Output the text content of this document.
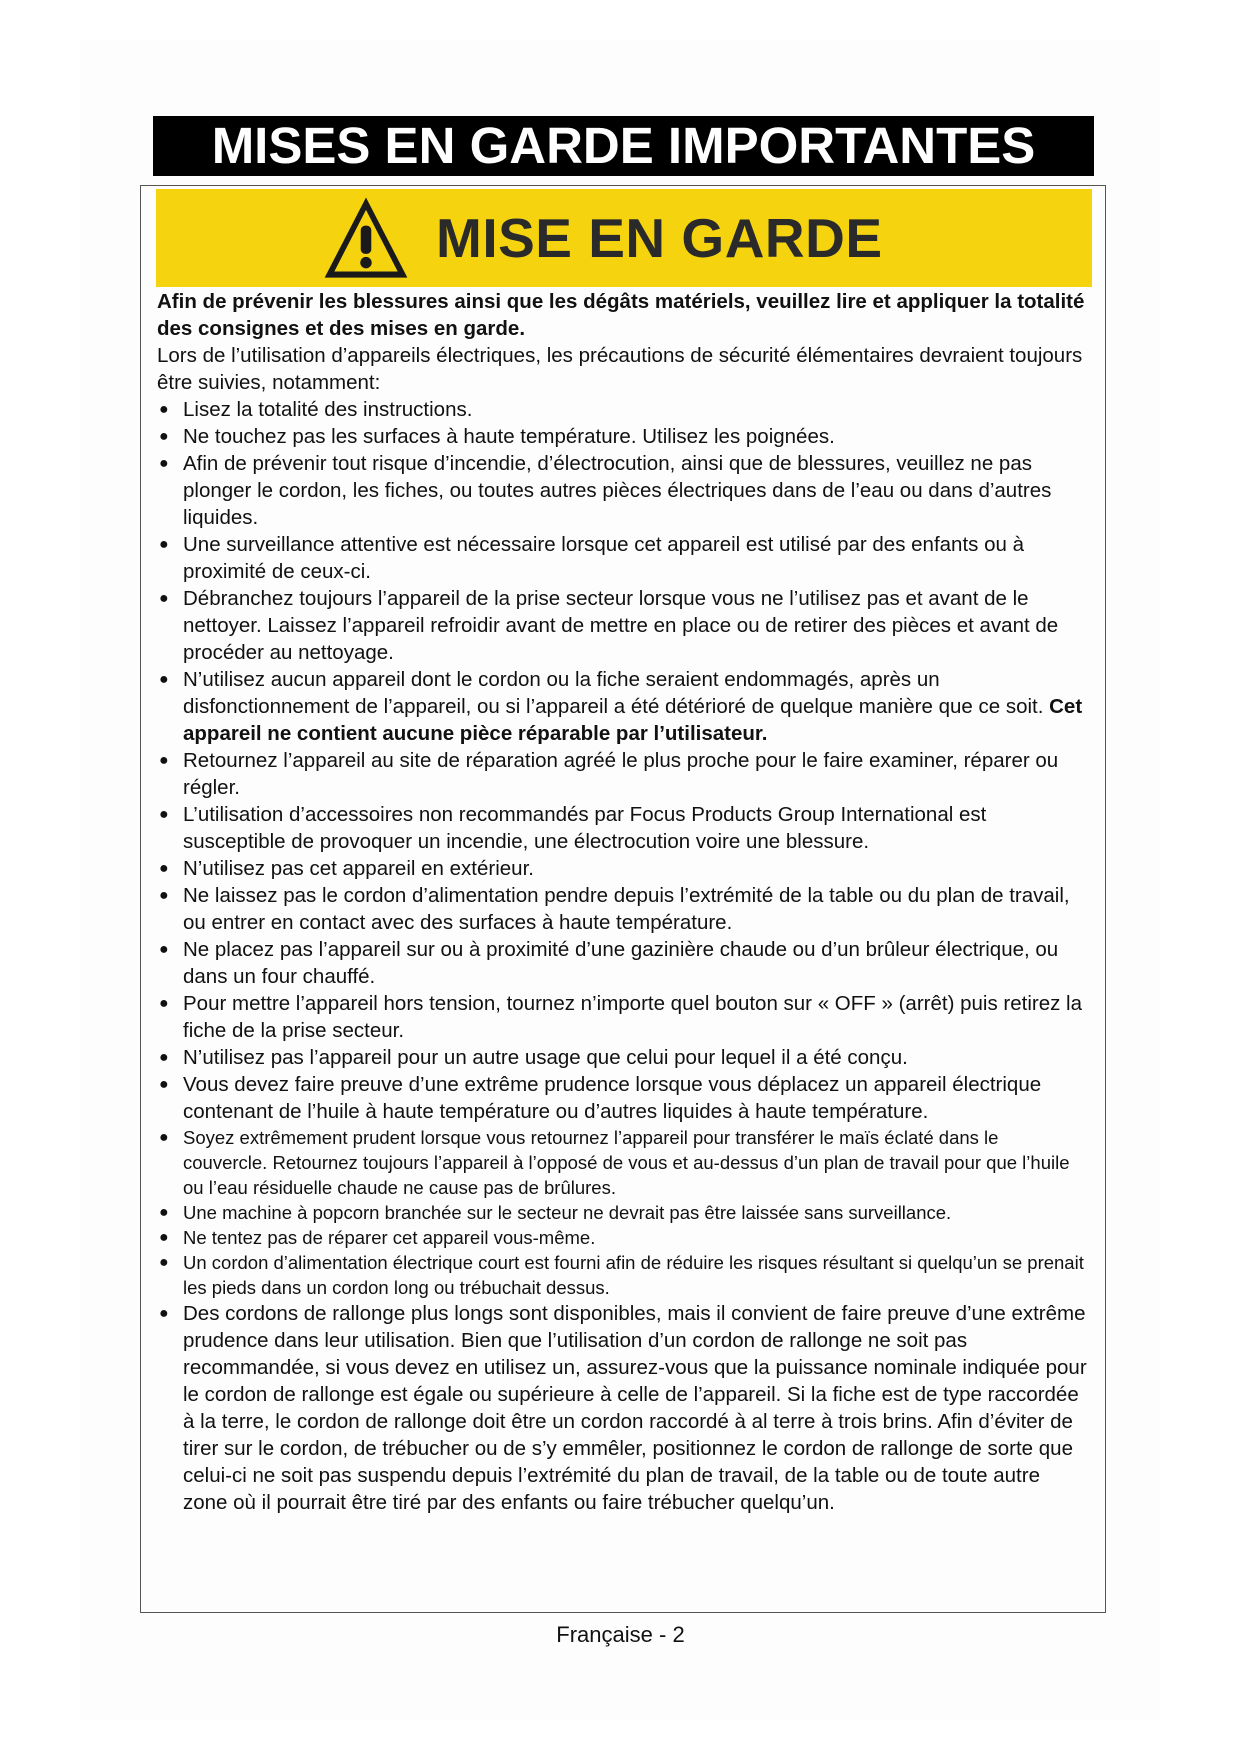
MISES EN GARDE IMPORTANTES
MISE EN GARDE

Afin de prévenir les blessures ainsi que les dégâts matériels, veuillez lire et appliquer la totalité des consignes et des mises en garde.

Lors de l’utilisation d’appareils électriques, les précautions de sécurité élémentaires devraient toujours être suivies, notamment:

● Lisez la totalité des instructions.
● Ne touchez pas les surfaces à haute température. Utilisez les poignées.
● Afin de prévenir tout risque d’incendie, d’électrocution, ainsi que de blessures, veuillez ne pas plonger le cordon, les fiches, ou toutes autres pièces électriques dans de l’eau ou dans d’autres liquides.
● Une surveillance attentive est nécessaire lorsque cet appareil est utilisé par des enfants ou à proximité de ceux-ci.
● Débranchez toujours l’appareil de la prise secteur lorsque vous ne l’utilisez pas et avant de le nettoyer. Laissez l’appareil refroidir avant de mettre en place ou de retirer des pièces et avant de procéder au nettoyage.
● N’utilisez aucun appareil dont le cordon ou la fiche seraient endommagés, après un disfonctionnement de l’appareil, ou si l’appareil a été détérioré de quelque manière que ce soit. Cet appareil ne contient aucune pièce réparable par l’utilisateur.
● Retournez l’appareil au site de réparation agréé le plus proche pour le faire examiner, réparer ou régler.
● L’utilisation d’accessoires non recommandés par Focus Products Group International est susceptible de provoquer un incendie, une électrocution voire une blessure.
● N’utilisez pas cet appareil en extérieur.
● Ne laissez pas le cordon d’alimentation pendre depuis l’extrémité de la table ou du plan de travail, ou entrer en contact avec des surfaces à haute température.
● Ne placez pas l’appareil sur ou à proximité d’une gazinière chaude ou d’un brûleur électrique, ou dans un four chauffé.
● Pour mettre l’appareil hors tension, tournez n’importe quel bouton sur « OFF » (arrêt) puis retirez la fiche de la prise secteur.
● N’utilisez pas l’appareil pour un autre usage que celui pour lequel il a été conçu.
● Vous devez faire preuve d’une extrême prudence lorsque vous déplacez un appareil électrique contenant de l’huile à haute température ou d’autres liquides à haute température.
● Soyez extrêmement prudent lorsque vous retournez l’appareil pour transférer le maïs éclaté dans le couvercle. Retournez toujours l’appareil à l’opposé de vous et au-dessus d’un plan de travail pour que l’huile ou l’eau résiduelle chaude ne cause pas de brûlures.
● Une machine à popcorn branchée sur le secteur ne devrait pas être laissée sans surveillance.
● Ne tentez pas de réparer cet appareil vous-même.
● Un cordon d’alimentation électrique court est fourni afin de réduire les risques résultant si quelqu’un se prenait les pieds dans un cordon long ou trébuchait dessus.
● Des cordons de rallonge plus longs sont disponibles, mais il convient de faire preuve d’une extrême prudence dans leur utilisation. Bien que l’utilisation d’un cordon de rallonge ne soit pas recommandée, si vous devez en utilisez un, assurez-vous que la puissance nominale indiquée pour le cordon de rallonge est égale ou supérieure à celle de l’appareil. Si la fiche est de type raccordée à la terre, le cordon de rallonge doit être un cordon raccordé à al terre à trois brins. Afin d’éviter de tirer sur le cordon, de trébucher ou de s’y emmêler, positionnez le cordon de rallonge de sorte que celui-ci ne soit pas suspendu depuis l’extrémité du plan de travail, de la table ou de toute autre zone où il pourrait être tiré par des enfants ou faire trébucher quelqu’un.
Française - 2
